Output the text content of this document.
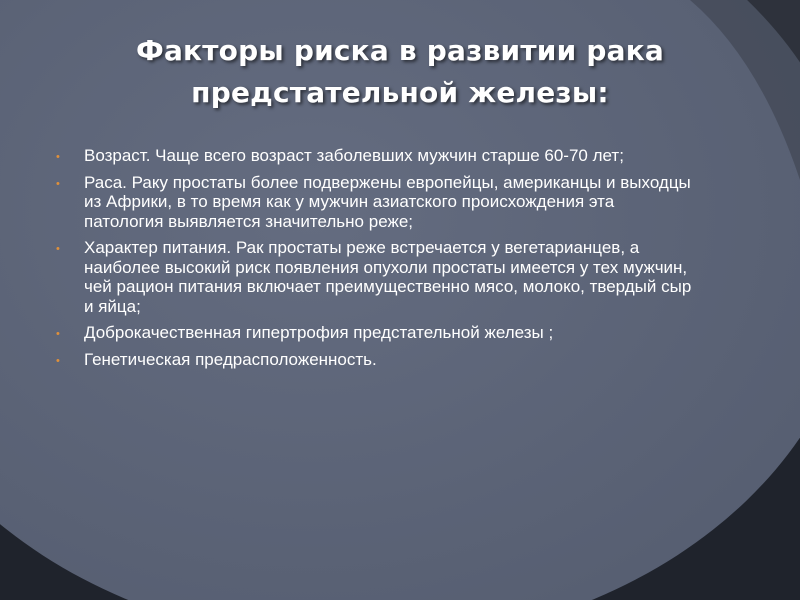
Факторы риска в развитии рака
предстательной железы:
•	Возраст. Чаще всего возраст заболевших мужчин старше 60-70 лет;
•	Раса. Раку простаты более подвержены европейцы, американцы и выходцы из Африки, в то время как у мужчин азиатского происхождения эта патология выявляется значительно реже;
•	Характер питания. Рак простаты реже встречается у вегетарианцев, а наиболее высокий риск появления опухоли простаты имеется у тех мужчин, чей рацион питания включает преимущественно мясо, молоко, твердый сыр и яйца;
•	Доброкачественная гипертрофия предстательной железы ;
•	Генетическая предрасположенность.
